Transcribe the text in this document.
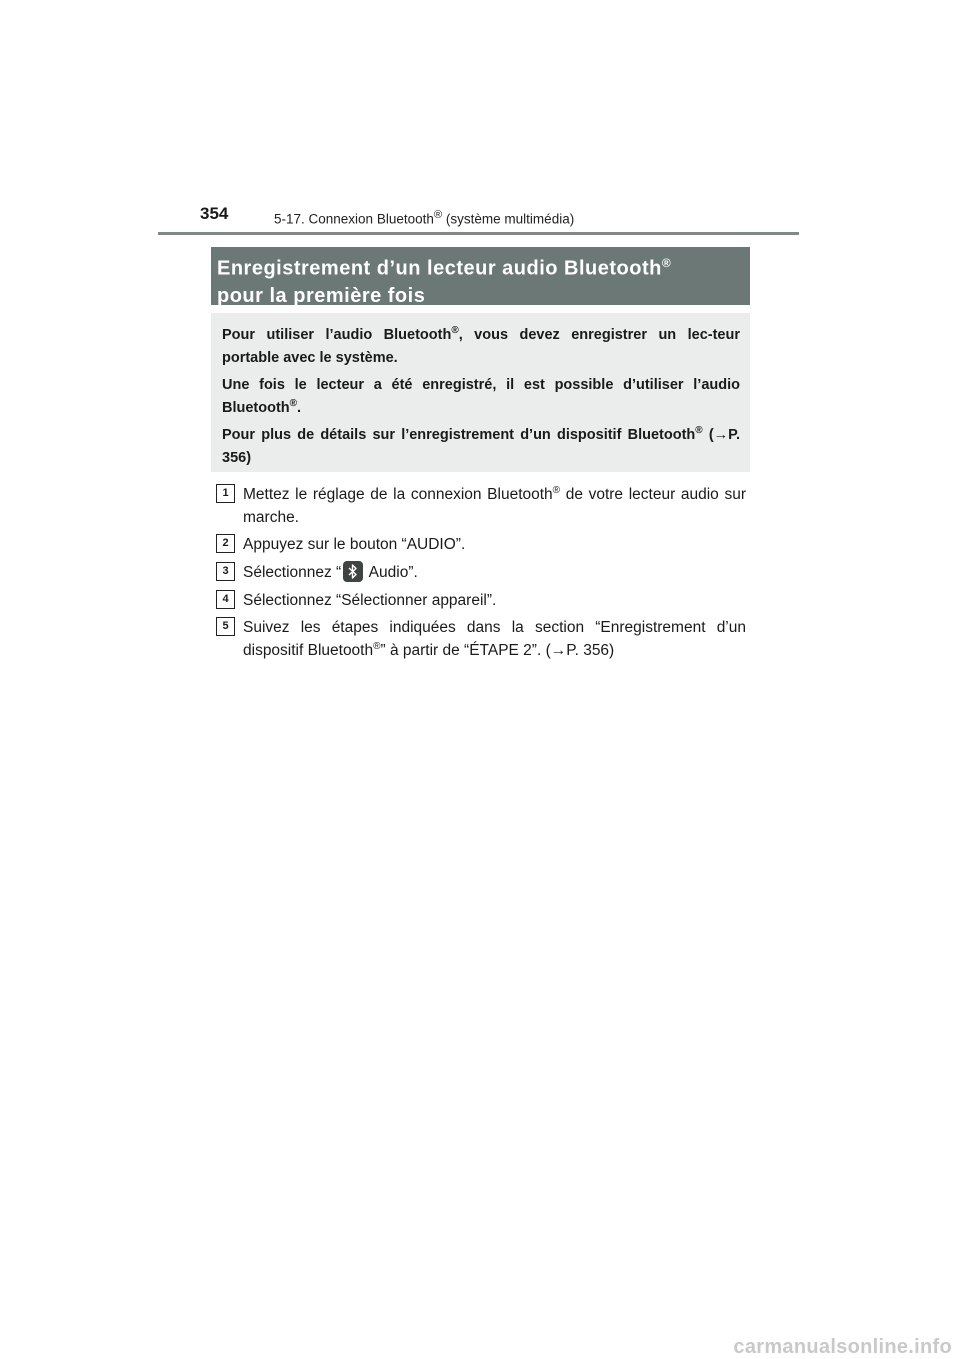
354	5-17. Connexion Bluetooth® (système multimédia)
Enregistrement d’un lecteur audio Bluetooth®
pour la première fois

Pour utiliser l’audio Bluetooth®, vous devez enregistrer un lec-teur portable avec le système.

Une fois le lecteur a été enregistré, il est possible d’utiliser l’audio Bluetooth®.

Pour plus de détails sur l’enregistrement d’un dispositif Bluetooth® (→P. 356)

1 Mettez le réglage de la connexion Bluetooth® de votre lecteur audio sur marche.
2 Appuyez sur le bouton “AUDIO”.
3 Sélectionnez “
Audio”.
4 Sélectionnez “Sélectionner appareil”.
5 Suivez les étapes indiquées dans la section “Enregistrement d’un dispositif Bluetooth®” à partir de “ÉTAPE 2”. (→P. 356)
carmanualsonline.info
